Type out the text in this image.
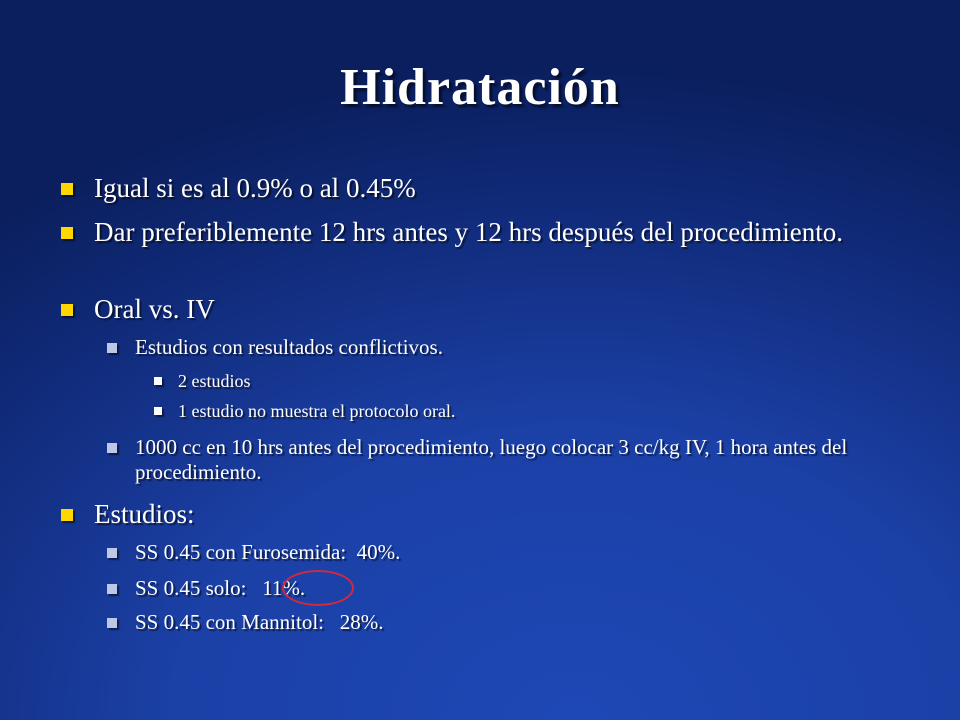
Hidratación
Igual si es al 0.9% o al 0.45%
Dar preferiblemente 12 hrs antes y 12 hrs después del procedimiento.
Oral vs. IV
Estudios con resultados conflictivos.
2 estudios
1 estudio no muestra el protocolo oral.
1000 cc en 10 hrs antes del procedimiento, luego colocar 3 cc/kg IV, 1 hora antes del procedimiento.
Estudios:
SS 0.45 con Furosemida:  40%.
SS 0.45 solo:   11%.
SS 0.45 con Mannitol:   28%.
